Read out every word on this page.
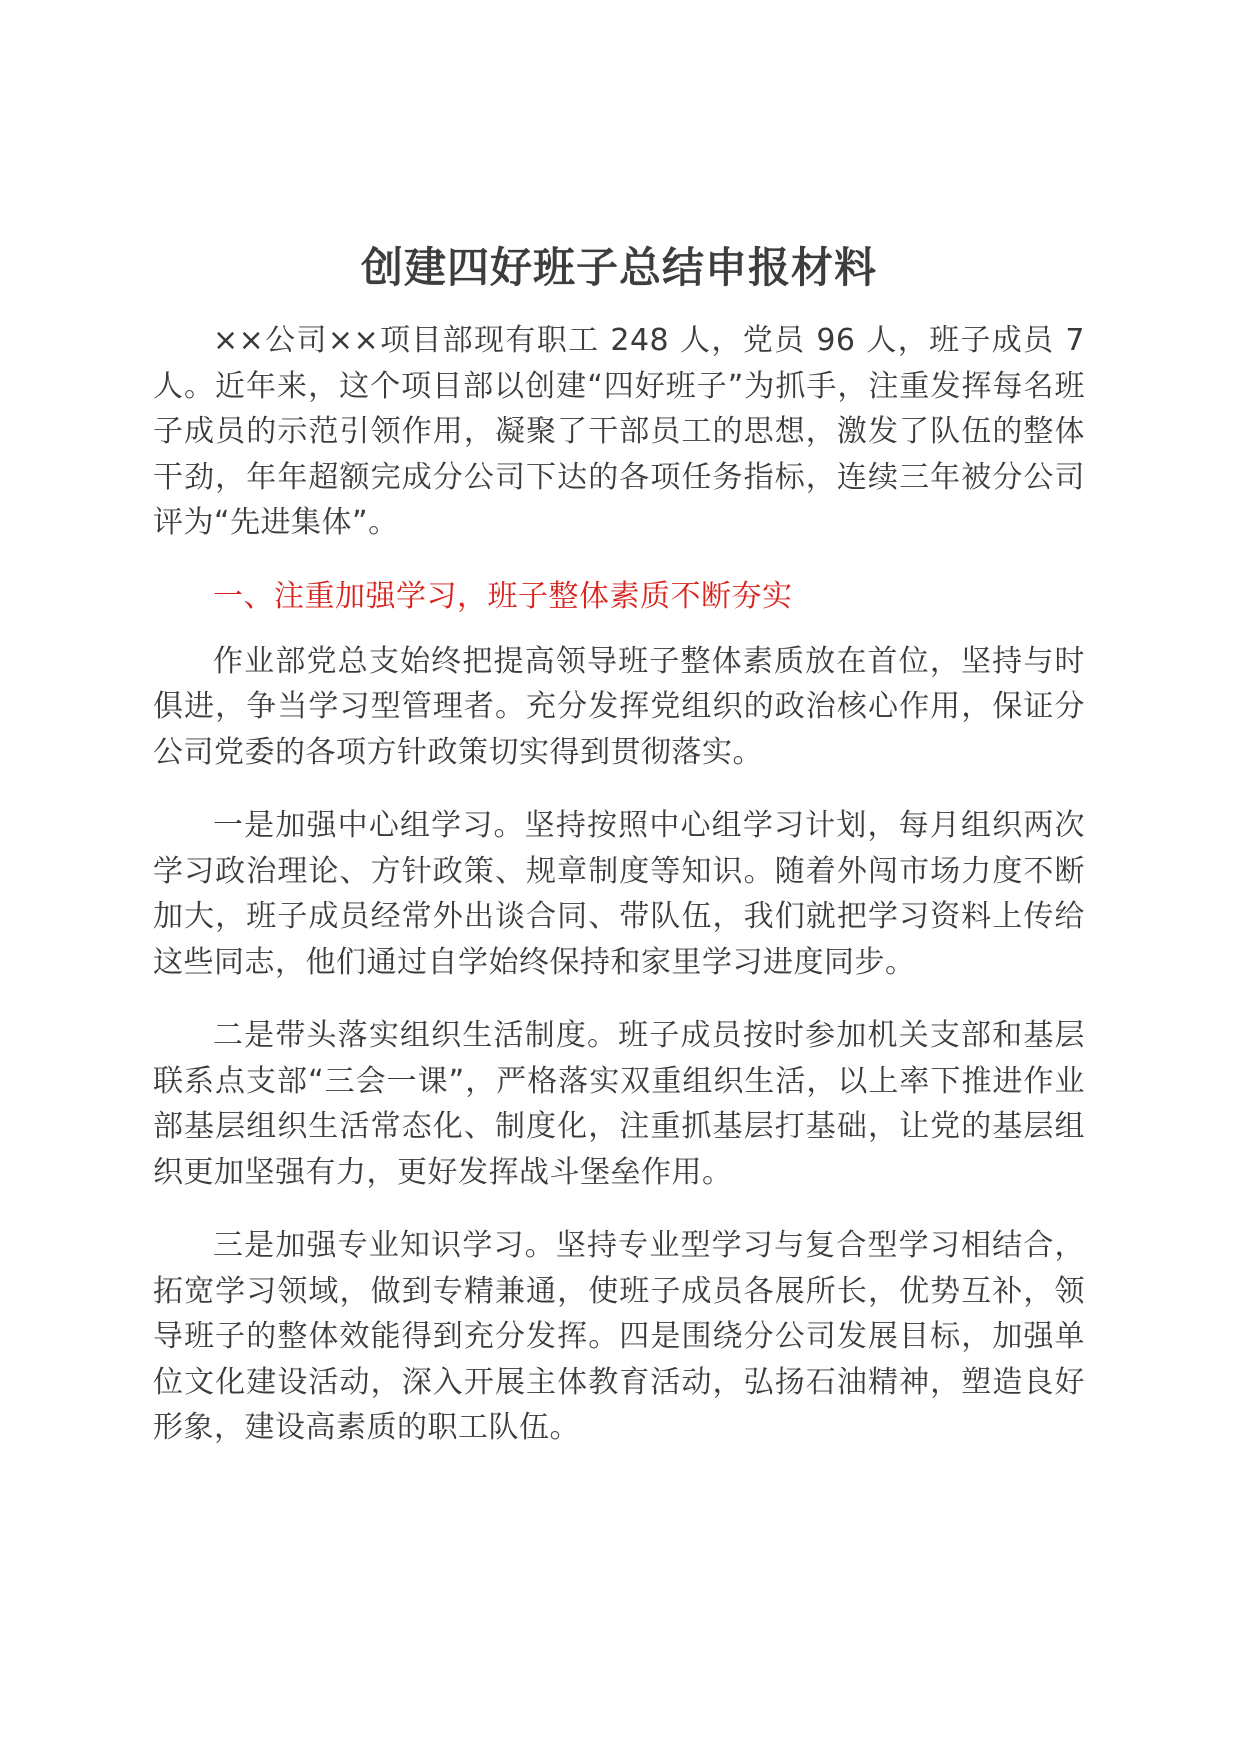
创建四好班子总结申报材料

××公司××项目部现有职工 248 人，党员 96 人，班子成员 7 人。近年来，这个项目部以创建“四好班子”为抓手，注重发挥每名班子成员的示范引领作用，凝聚了干部员工的思想，激发了队伍的整体干劲，年年超额完成分公司下达的各项任务指标，连续三年被分公司评为“先进集体”。

一、注重加强学习，班子整体素质不断夯实

作业部党总支始终把提高领导班子整体素质放在首位，坚持与时俱进，争当学习型管理者。充分发挥党组织的政治核心作用，保证分公司党委的各项方针政策切实得到贯彻落实。

一是加强中心组学习。坚持按照中心组学习计划，每月组织两次学习政治理论、方针政策、规章制度等知识。随着外闯市场力度不断加大，班子成员经常外出谈合同、带队伍，我们就把学习资料上传给这些同志，他们通过自学始终保持和家里学习进度同步。

二是带头落实组织生活制度。班子成员按时参加机关支部和基层联系点支部“三会一课”，严格落实双重组织生活，以上率下推进作业部基层组织生活常态化、制度化，注重抓基层打基础，让党的基层组织更加坚强有力，更好发挥战斗堡垒作用。

三是加强专业知识学习。坚持专业型学习与复合型学习相结合，拓宽学习领域，做到专精兼通，使班子成员各展所长，优势互补，领导班子的整体效能得到充分发挥。四是围绕分公司发展目标，加强单位文化建设活动，深入开展主体教育活动，弘扬石油精神，塑造良好形象，建设高素质的职工队伍。
